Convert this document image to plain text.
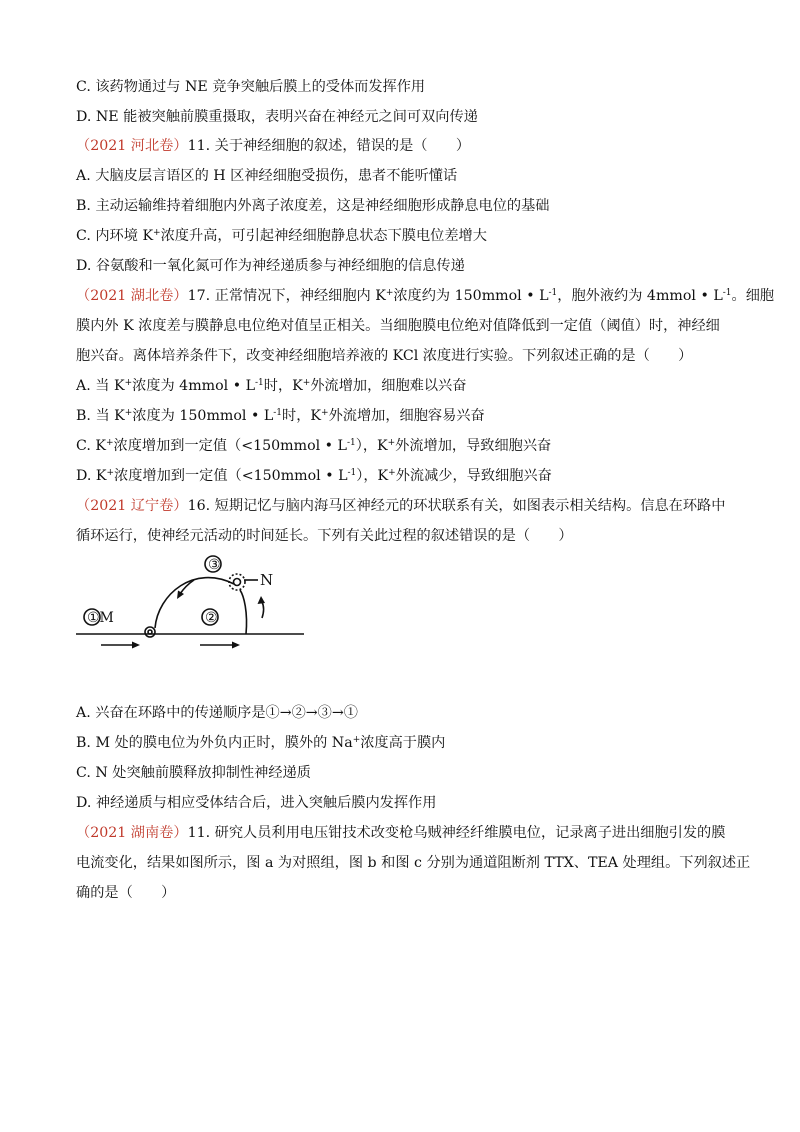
C. 该药物通过与 NE 竞争突触后膜上的受体而发挥作用
D. NE 能被突触前膜重摄取，表明兴奋在神经元之间可双向传递
（2021 河北卷）11. 关于神经细胞的叙述，错误的是（　　）
A. 大脑皮层言语区的 H 区神经细胞受损伤，患者不能听懂话
B. 主动运输维持着细胞内外离子浓度差，这是神经细胞形成静息电位的基础
C. 内环境 K+浓度升高，可引起神经细胞静息状态下膜电位差增大
D. 谷氨酸和一氧化氮可作为神经递质参与神经细胞的信息传递
（2021 湖北卷）17. 正常情况下，神经细胞内 K+浓度约为 150mmol • $L^{-1}$，胞外液约为 4mmol • $L^{-1}$。细胞
膜内外 K 浓度差与膜静息电位绝对值呈正相关。当细胞膜电位绝对值降低到一定值（阈值）时，神经细
胞兴奋。离体培养条件下，改变神经细胞培养液的 KCl 浓度进行实验。下列叙述正确的是（　　）
A. 当 K+浓度为 4mmol • $L^{-1}$时，K+外流增加，细胞难以兴奋
B. 当 K+浓度为 150mmol • $L^{-1}$时，K+外流增加，细胞容易兴奋
C. K+浓度增加到一定值（<150mmol • $L^{-1}$），K+外流增加，导致细胞兴奋
D. K+浓度增加到一定值（<150mmol • $L^{-1}$），K+外流减少，导致细胞兴奋
（2021 辽宁卷）16. 短期记忆与脑内海马区神经元的环状联系有关，如图表示相关结构。信息在环路中
循环运行，使神经元活动的时间延长。下列有关此过程的叙述错误的是（　　）
①M	②
③
N
A. 兴奋在环路中的传递顺序是①→②→③→①
B. M 处的膜电位为外负内正时，膜外的 Na+浓度高于膜内
C. N 处突触前膜释放抑制性神经递质
D. 神经递质与相应受体结合后，进入突触后膜内发挥作用
（2021 湖南卷）11. 研究人员利用电压钳技术改变枪乌贼神经纤维膜电位，记录离子进出细胞引发的膜
电流变化，结果如图所示，图 a 为对照组，图 b 和图 c 分别为通道阻断剂 TTX、TEA 处理组。下列叙述正
确的是（　　）
